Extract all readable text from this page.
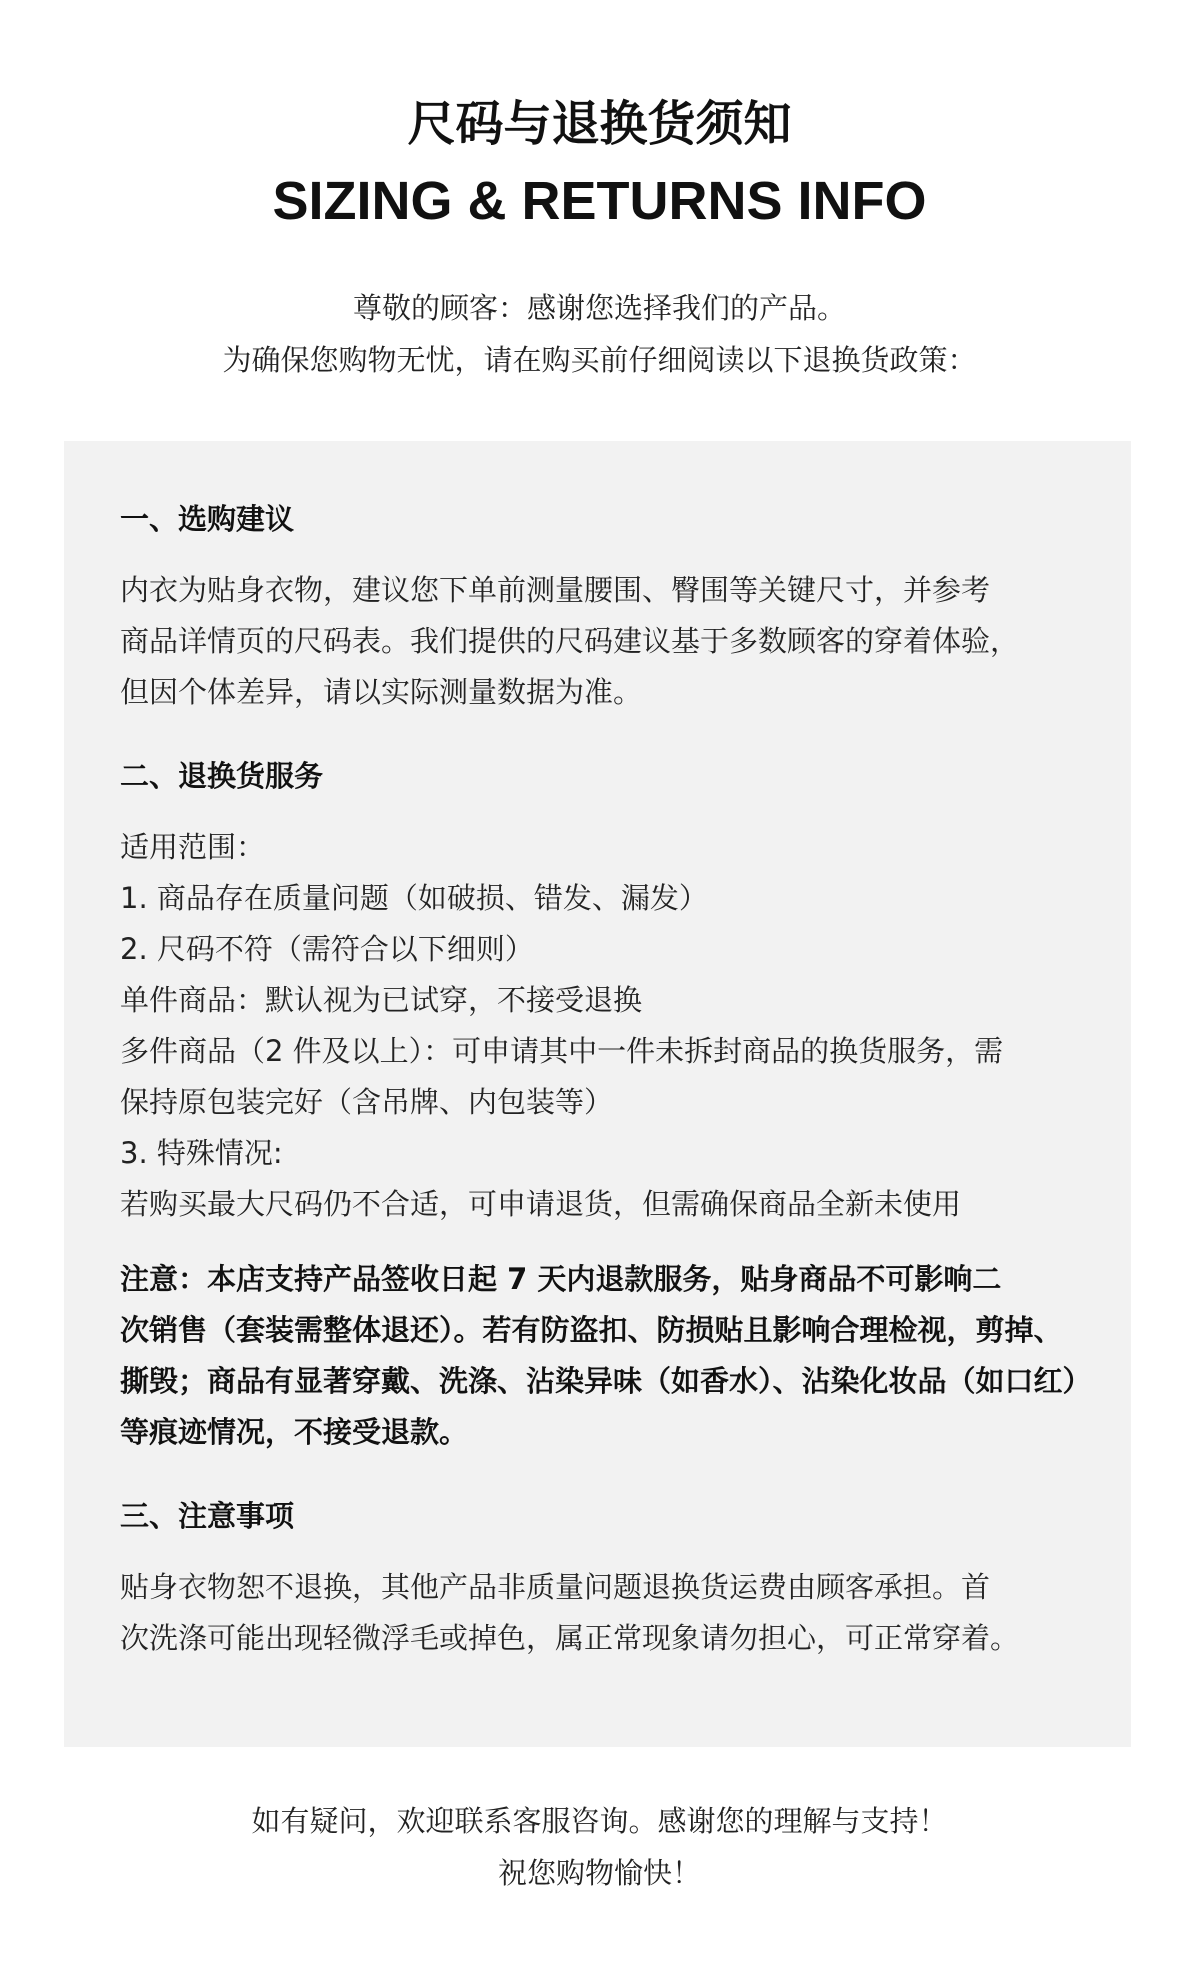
尺码与退换货须知
SIZING & RETURNS INFO
尊敬的顾客：感谢您选择我们的产品。
为确保您购物无忧，请在购买前仔细阅读以下退换货政策：
一、选购建议
内衣为贴身衣物，建议您下单前测量腰围、臀围等关键尺寸，并参考
商品详情页的尺码表。我们提供的尺码建议基于多数顾客的穿着体验，
但因个体差异，请以实际测量数据为准。
二、退换货服务
适用范围：
1. 商品存在质量问题（如破损、错发、漏发）
2. 尺码不符（需符合以下细则）
单件商品：默认视为已试穿，不接受退换
多件商品（2 件及以上）：可申请其中一件未拆封商品的换货服务，需
保持原包装完好（含吊牌、内包装等）
3. 特殊情况:
若购买最大尺码仍不合适，可申请退货，但需确保商品全新未使用
注意：本店支持产品签收日起 7 天内退款服务，贴身商品不可影响二
次销售（套装需整体退还）。若有防盗扣、防损贴且影响合理检视，剪掉、
撕毁；商品有显著穿戴、洗涤、沾染异味（如香水）、沾染化妆品（如口红）
等痕迹情况，不接受退款。
三、注意事项
贴身衣物恕不退换，其他产品非质量问题退换货运费由顾客承担。首
次洗涤可能出现轻微浮毛或掉色，属正常现象请勿担心，可正常穿着。
如有疑问，欢迎联系客服咨询。感谢您的理解与支持！
祝您购物愉快！
